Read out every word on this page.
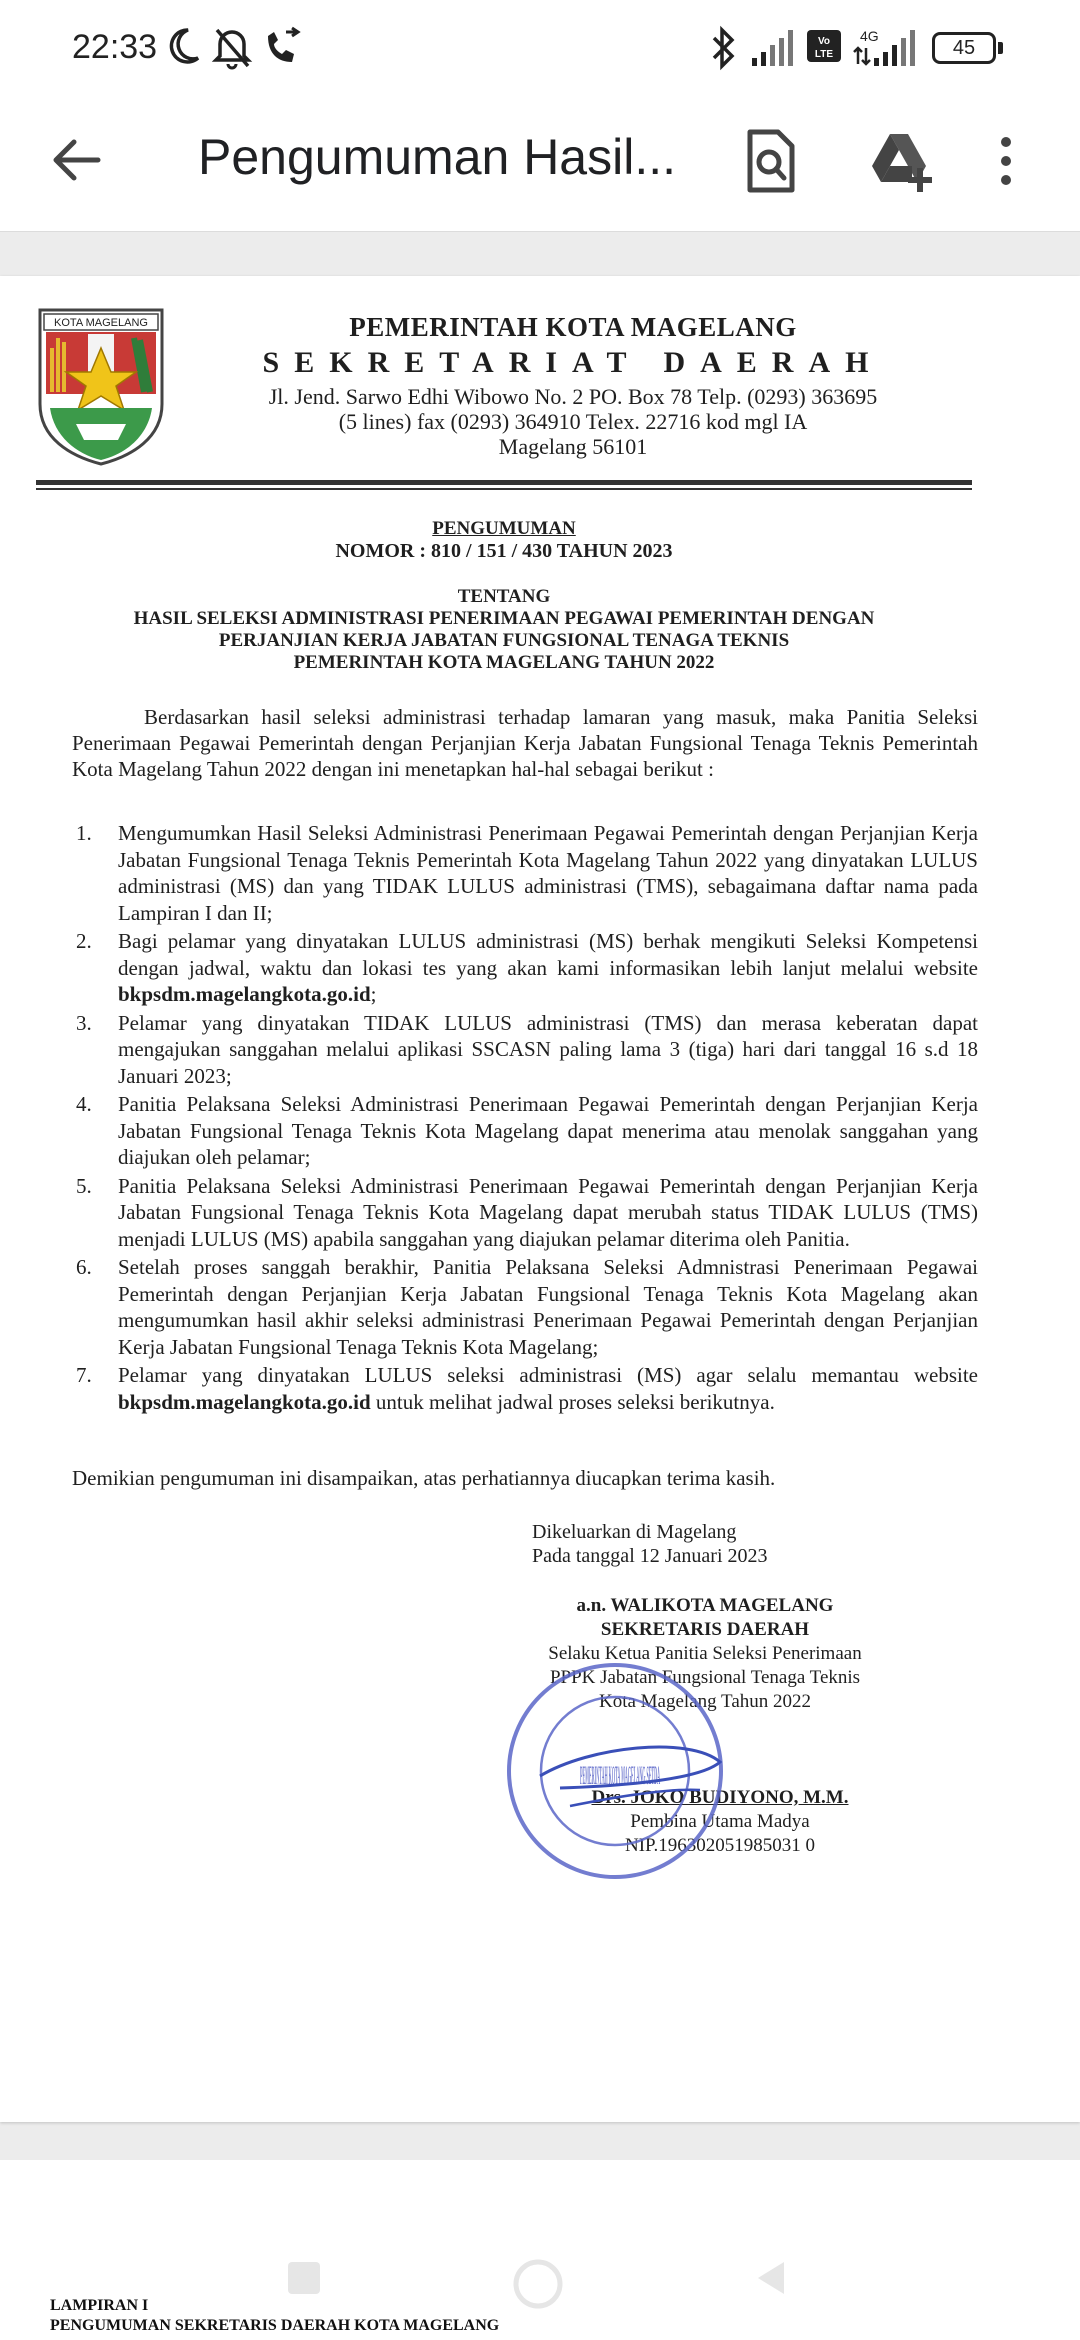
22:33	Vo
LTE
4G
45
Pengumuman Hasil...
KOTA MAGELANG	PEMERINTAH KOTA MAGELANG
SEKRETARIAT DAERAH
Jl. Jend. Sarwo Edhi Wibowo No. 2 PO. Box 78 Telp. (0293) 363695
(5 lines) fax (0293) 364910 Telex. 22716 kod mgl IA
Magelang 56101
PENGUMUMAN
NOMOR : 810 / 151 / 430 TAHUN 2023
TENTANG
HASIL SELEKSI ADMINISTRASI PENERIMAAN PEGAWAI PEMERINTAH DENGAN
PERJANJIAN KERJA JABATAN FUNGSIONAL TENAGA TEKNIS
PEMERINTAH KOTA MAGELANG TAHUN 2022
Berdasarkan hasil seleksi administrasi terhadap lamaran yang masuk, maka Panitia Seleksi Penerimaan Pegawai Pemerintah dengan Perjanjian Kerja Jabatan Fungsional Tenaga Teknis Pemerintah Kota Magelang Tahun 2022 dengan ini menetapkan hal-hal sebagai berikut :
1. Mengumumkan Hasil Seleksi Administrasi Penerimaan Pegawai Pemerintah dengan Perjanjian Kerja Jabatan Fungsional Tenaga Teknis Pemerintah Kota Magelang Tahun 2022 yang dinyatakan LULUS administrasi (MS) dan yang TIDAK LULUS administrasi (TMS), sebagaimana daftar nama pada Lampiran I dan II;
2. Bagi pelamar yang dinyatakan LULUS administrasi (MS) berhak mengikuti Seleksi Kompetensi dengan jadwal, waktu dan lokasi tes yang akan kami informasikan lebih lanjut melalui website bkpsdm.magelangkota.go.id;
3. Pelamar yang dinyatakan TIDAK LULUS administrasi (TMS) dan merasa keberatan dapat mengajukan sanggahan melalui aplikasi SSCASN paling lama 3 (tiga) hari dari tanggal 16 s.d 18 Januari 2023;
4. Panitia Pelaksana Seleksi Administrasi Penerimaan Pegawai Pemerintah dengan Perjanjian Kerja Jabatan Fungsional Tenaga Teknis Kota Magelang dapat menerima atau menolak sanggahan yang diajukan oleh pelamar;
5. Panitia Pelaksana Seleksi Administrasi Penerimaan Pegawai Pemerintah dengan Perjanjian Kerja Jabatan Fungsional Tenaga Teknis Kota Magelang dapat merubah status TIDAK LULUS (TMS) menjadi LULUS (MS) apabila sanggahan yang diajukan pelamar diterima oleh Panitia.
6. Setelah proses sanggah berakhir, Panitia Pelaksana Seleksi Admnistrasi Penerimaan Pegawai Pemerintah dengan Perjanjian Kerja Jabatan Fungsional Tenaga Teknis Kota Magelang akan mengumumkan hasil akhir seleksi administrasi Penerimaan Pegawai Pemerintah dengan Perjanjian Kerja Jabatan Fungsional Tenaga Teknis Kota Magelang;
7. Pelamar yang dinyatakan LULUS seleksi administrasi (MS) agar selalu memantau website bkpsdm.magelangkota.go.id untuk melihat jadwal proses seleksi berikutnya.
Demikian pengumuman ini disampaikan, atas perhatiannya diucapkan terima kasih.
Dikeluarkan di Magelang
Pada tanggal 12 Januari 2023
a.n. WALIKOTA MAGELANG
SEKRETARIS DAERAH
Selaku Ketua Panitia Seleksi Penerimaan
PPPK Jabatan Fungsional Tenaga Teknis
Kota Magelang Tahun 2022
Drs. JOKO BUDIYONO, M.M.
Pembina Utama Madya
NIP.196302051985031 0
PEMERINTAH KOTA MAGELANG SETDA
LAMPIRAN I
PENGUMUMAN SEKRETARIS DAERAH KOTA MAGELANG
